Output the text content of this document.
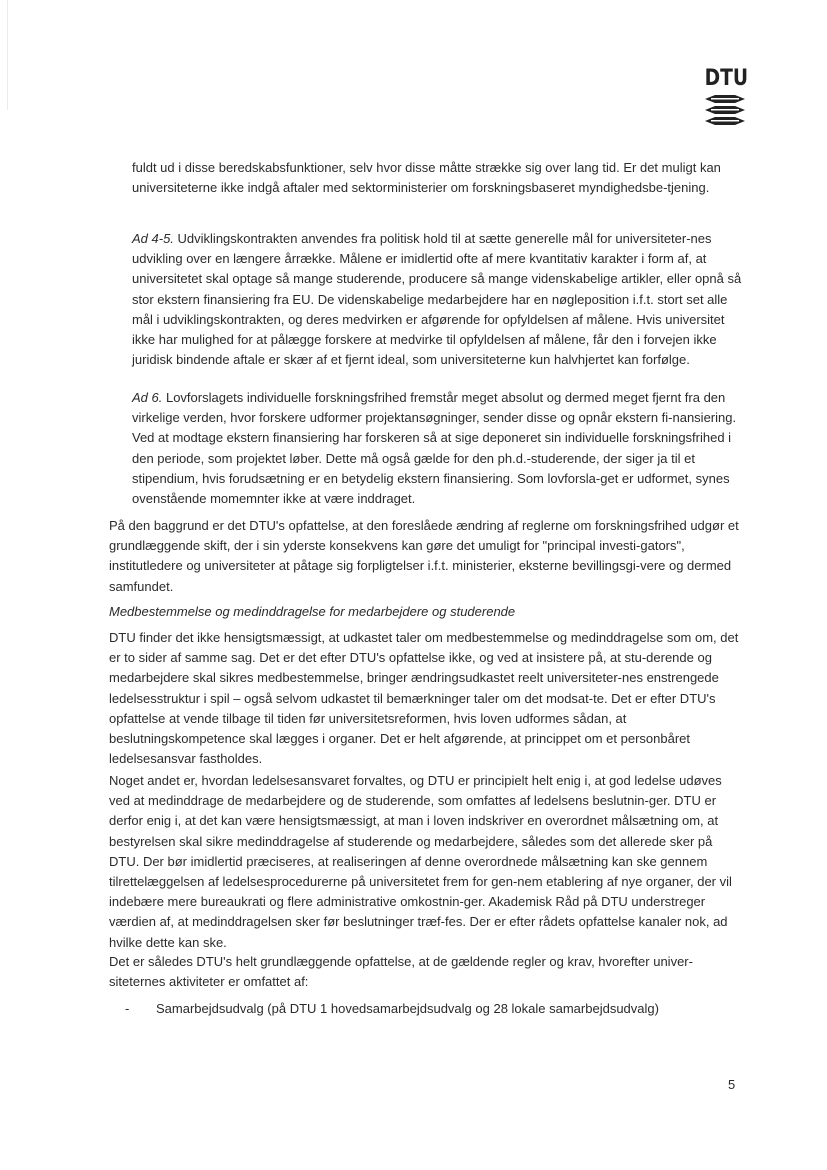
DTU

fuldt ud i disse beredskabsfunktioner, selv hvor disse måtte strække sig over lang tid. Er det muligt kan universiteterne ikke indgå aftaler med sektorministerier om forskningsbaseret myndighedsbe-tjening.

Ad 4-5. Udviklingskontrakten anvendes fra politisk hold til at sætte generelle mål for universiteter-nes udvikling over en længere årrække. Målene er imidlertid ofte af mere kvantitativ karakter i form af, at universitetet skal optage så mange studerende, producere så mange videnskabelige artikler, eller opnå så stor ekstern finansiering fra EU. De videnskabelige medarbejdere har en nøgleposition i.f.t. stort set alle mål i udviklingskontrakten, og deres medvirken er afgørende for opfyldelsen af målene. Hvis universitet ikke har mulighed for at pålægge forskere at medvirke til opfyldelsen af målene, får den i forvejen ikke juridisk bindende aftale er skær af et fjernt ideal, som universiteterne kun halvhjertet kan forfølge.

Ad 6. Lovforslagets individuelle forskningsfrihed fremstår meget absolut og dermed meget fjernt fra den virkelige verden, hvor forskere udformer projektansøgninger, sender disse og opnår ekstern fi-nansiering. Ved at modtage ekstern finansiering har forskeren så at sige deponeret sin individuelle forskningsfrihed i den periode, som projektet løber. Dette må også gælde for den ph.d.-studerende, der siger ja til et stipendium, hvis forudsætning er en betydelig ekstern finansiering. Som lovforsla-get er udformet, synes ovenstående momemnter ikke at være inddraget.

På den baggrund er det DTU's opfattelse, at den foreslåede ændring af reglerne om forskningsfrihed udgør et grundlæggende skift, der i sin yderste konsekvens kan gøre det umuligt for "principal investi-gators", institutledere og universiteter at påtage sig forpligtelser i.f.t. ministerier, eksterne bevillingsgi-vere og dermed samfundet.

Medbestemmelse og medinddragelse for medarbejdere og studerende

DTU finder det ikke hensigtsmæssigt, at udkastet taler om medbestemmelse og medinddragelse som om, det er to sider af samme sag. Det er det efter DTU's opfattelse ikke, og ved at insistere på, at stu-derende og medarbejdere skal sikres medbestemmelse, bringer ændringsudkastet reelt universiteter-nes enstrengede ledelsesstruktur i spil – også selvom udkastet til bemærkninger taler om det modsat-te. Det er efter DTU's opfattelse at vende tilbage til tiden før universitetsreformen, hvis loven udformes sådan, at beslutningskompetence skal lægges i organer. Det er helt afgørende, at princippet om et personbåret ledelsesansvar fastholdes.

Noget andet er, hvordan ledelsesansvaret forvaltes, og DTU er principielt helt enig i, at god ledelse udøves ved at medinddrage de medarbejdere og de studerende, som omfattes af ledelsens beslutnin-ger. DTU er derfor enig i, at det kan være hensigtsmæssigt, at man i loven indskriver en overordnet målsætning om, at bestyrelsen skal sikre medinddragelse af studerende og medarbejdere, således som det allerede sker på DTU. Der bør imidlertid præciseres, at realiseringen af denne overordnede målsætning kan ske gennem tilrettelæggelsen af ledelsesprocedurerne på universitetet frem for gen-nem etablering af nye organer, der vil indebære mere bureaukrati og flere administrative omkostnin-ger. Akademisk Råd på DTU understreger værdien af, at medinddragelsen sker før beslutninger træf-fes. Der er efter rådets opfattelse kanaler nok, ad hvilke dette kan ske.

Det er således DTU's helt grundlæggende opfattelse, at de gældende regler og krav, hvorefter univer-siteternes aktiviteter er omfattet af:

- Samarbejdsudvalg (på DTU 1 hovedsamarbejdsudvalg og 28 lokale samarbejdsudvalg)
5
